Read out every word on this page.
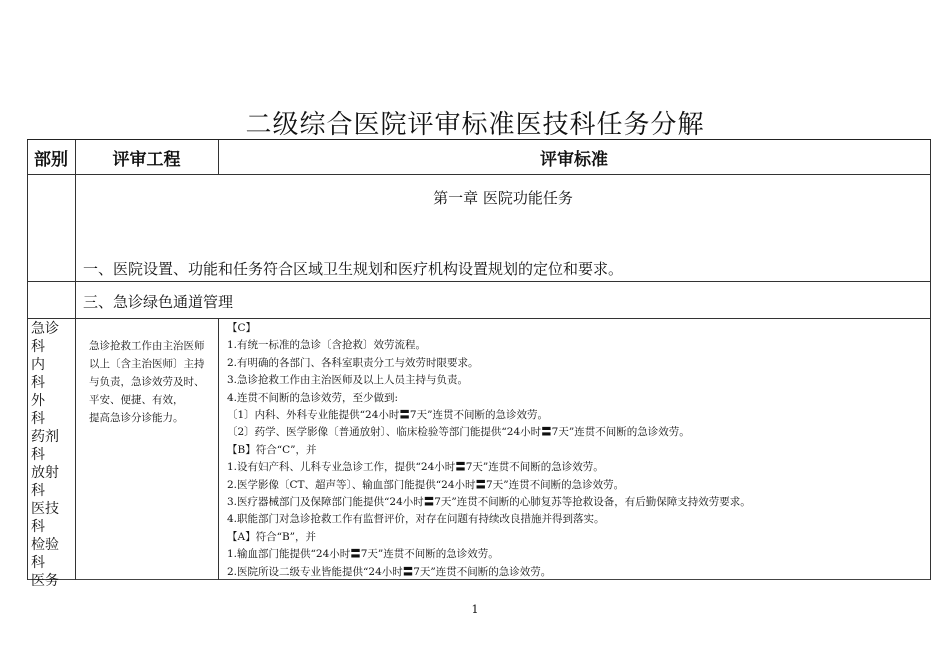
二级综合医院评审标准医技科任务分解
部别	评审工程	评审标准
第一章 医院功能任务
一、医院设置、功能和任务符合区域卫生规划和医疗机构设置规划的定位和要求。
三、急诊绿色通道管理
急诊
科
内
科
外
科
药剂
科
放射
科
医技
科
检验
科
医务
急诊抢救工作由主治医师
以上〔含主治医师〕主持
与负责，急诊效劳及时、
平安、便捷、有效，
提高急诊分诊能力。
【C】
1.有统一标准的急诊〔含抢救〕效劳流程。
2.有明确的各部门、各科室职责分工与效劳时限要求。
3.急诊抢救工作由主治医师及以上人员主持与负责。
4.连贯不间断的急诊效劳，至少做到:
〔1〕内科、外科专业能提供“24小时〓7天”连贯不间断的急诊效劳。
〔2〕药学、医学影像〔普通放射〕、临床检验等部门能提供“24小时〓7天”连贯不间断的急诊效劳。
【B】符合“C”，并
1.设有妇产科、儿科专业急诊工作，提供“24小时〓7天”连贯不间断的急诊效劳。
2.医学影像〔CT、超声等〕、输血部门能提供“24小时〓7天”连贯不间断的急诊效劳。
3.医疗器械部门及保障部门能提供“24小时〓7天”连贯不间断的心肺复苏等抢救设备，有后勤保障支持效劳要求。
4.职能部门对急诊抢救工作有监督评价，对存在问题有持续改良措施并得到落实。
【A】符合“B”，并
1.输血部门能提供“24小时〓7天”连贯不间断的急诊效劳。
2.医院所设二级专业皆能提供“24小时〓7天”连贯不间断的急诊效劳。
1
